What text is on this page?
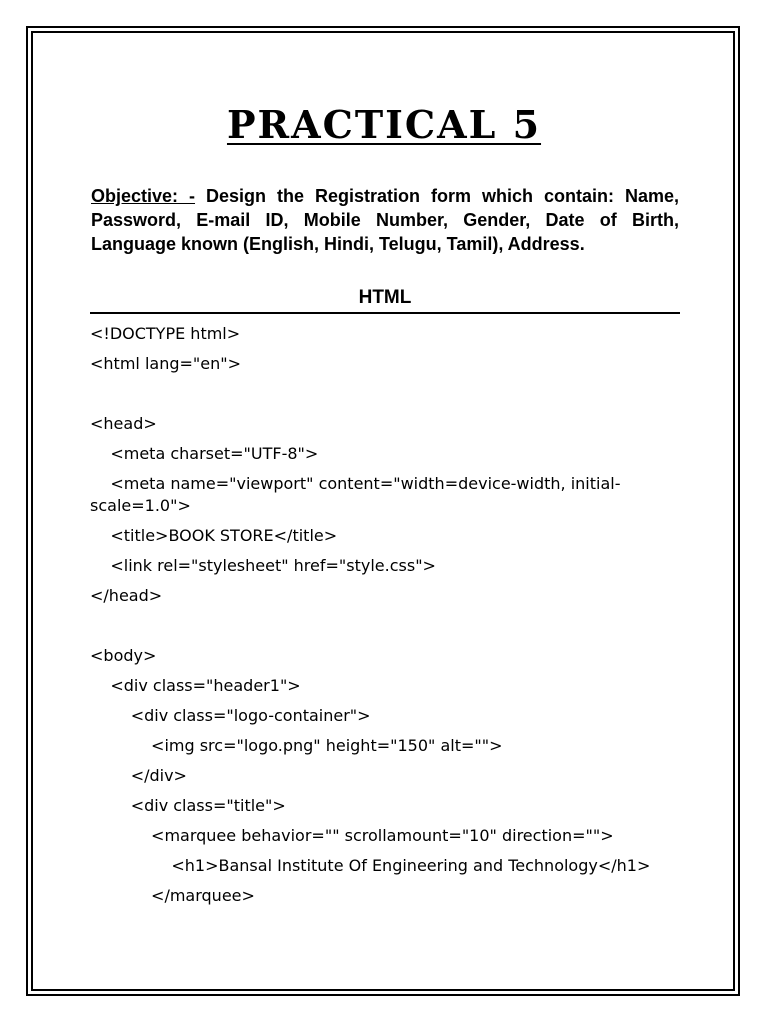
PRACTICAL 5

Objective: - Design the Registration form which contain: Name, Password, E-mail ID, Mobile Number, Gender, Date of Birth, Language known (English, Hindi, Telugu, Tamil), Address.

HTML
<!DOCTYPE html>
<html lang="en">

<head>
<meta charset="UTF-8">
<meta name="viewport" content="width=device-width, initial-scale=1.0">
<title>BOOK STORE</title>
<link rel="stylesheet" href="style.css">
</head>

<body>
<div class="header1">
<div class="logo-container">
<img src="logo.png" height="150" alt="">
</div>
<div class="title">
<marquee behavior="" scrollamount="10" direction="">
<h1>Bansal Institute Of Engineering and Technology</h1>
</marquee>
